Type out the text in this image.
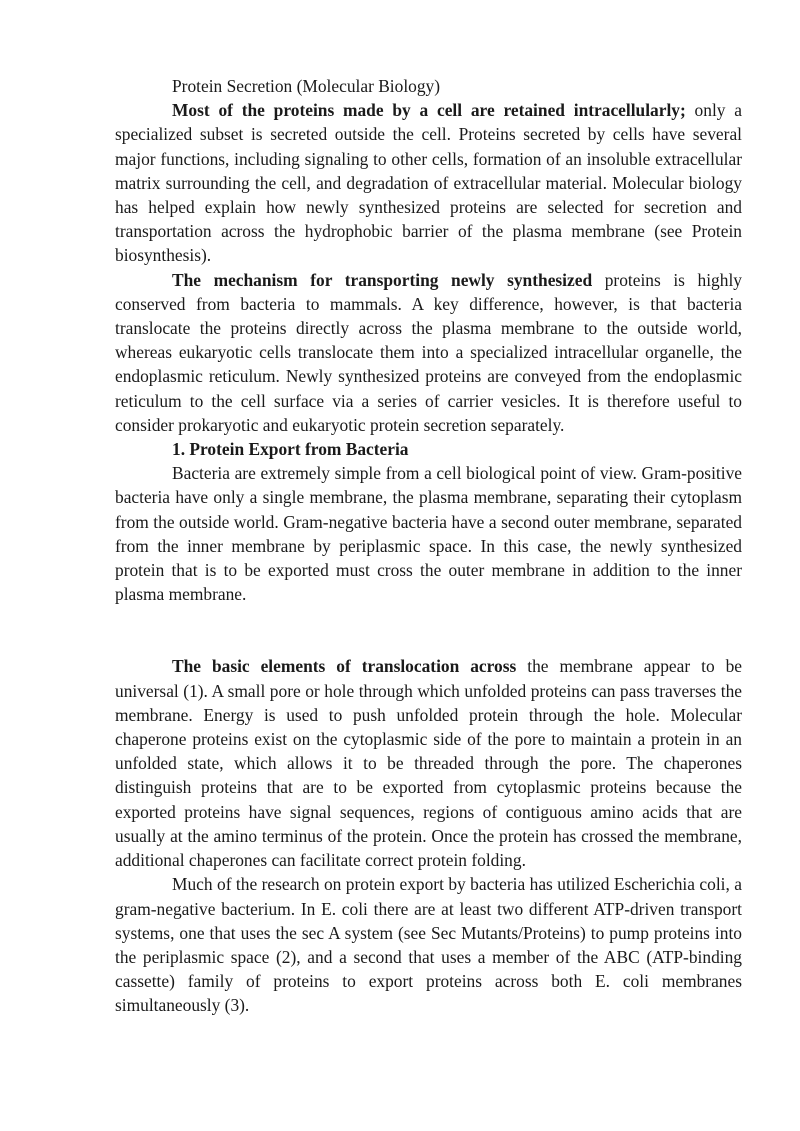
Protein Secretion (Molecular Biology)

Most of the proteins made by a cell are retained intracellularly; only a specialized subset is secreted outside the cell. Proteins secreted by cells have several major functions, including signaling to other cells, formation of an insoluble extracellular matrix surrounding the cell, and degradation of extracellular material. Molecular biology has helped explain how newly synthesized proteins are selected for secretion and transportation across the hydrophobic barrier of the plasma membrane (see Protein biosynthesis).

The mechanism for transporting newly synthesized proteins is highly conserved from bacteria to mammals. A key difference, however, is that bacteria translocate the proteins directly across the plasma membrane to the outside world, whereas eukaryotic cells translocate them into a specialized intracellular organelle, the endoplasmic reticulum. Newly synthesized proteins are conveyed from the endoplasmic reticulum to the cell surface via a series of carrier vesicles. It is therefore useful to consider prokaryotic and eukaryotic protein secretion separately.

1. Protein Export from Bacteria

Bacteria are extremely simple from a cell biological point of view. Gram-positive bacteria have only a single membrane, the plasma membrane, separating their cytoplasm from the outside world. Gram-negative bacteria have a second outer membrane, separated from the inner membrane by periplasmic space. In this case, the newly synthesized protein that is to be exported must cross the outer membrane in addition to the inner plasma membrane.

The basic elements of translocation across the membrane appear to be universal (1). A small pore or hole through which unfolded proteins can pass traverses the membrane. Energy is used to push unfolded protein through the hole. Molecular chaperone proteins exist on the cytoplasmic side of the pore to maintain a protein in an unfolded state, which allows it to be threaded through the pore. The chaperones distinguish proteins that are to be exported from cytoplasmic proteins because the exported proteins have signal sequences, regions of contiguous amino acids that are usually at the amino terminus of the protein. Once the protein has crossed the membrane, additional chaperones can facilitate correct protein folding.

Much of the research on protein export by bacteria has utilized Escherichia coli, a gram-negative bacterium. In E. coli there are at least two different ATP-driven transport systems, one that uses the sec A system (see Sec Mutants/Proteins) to pump proteins into the periplasmic space (2), and a second that uses a member of the ABC (ATP-binding cassette) family of proteins to export proteins across both E. coli membranes simultaneously (3).
